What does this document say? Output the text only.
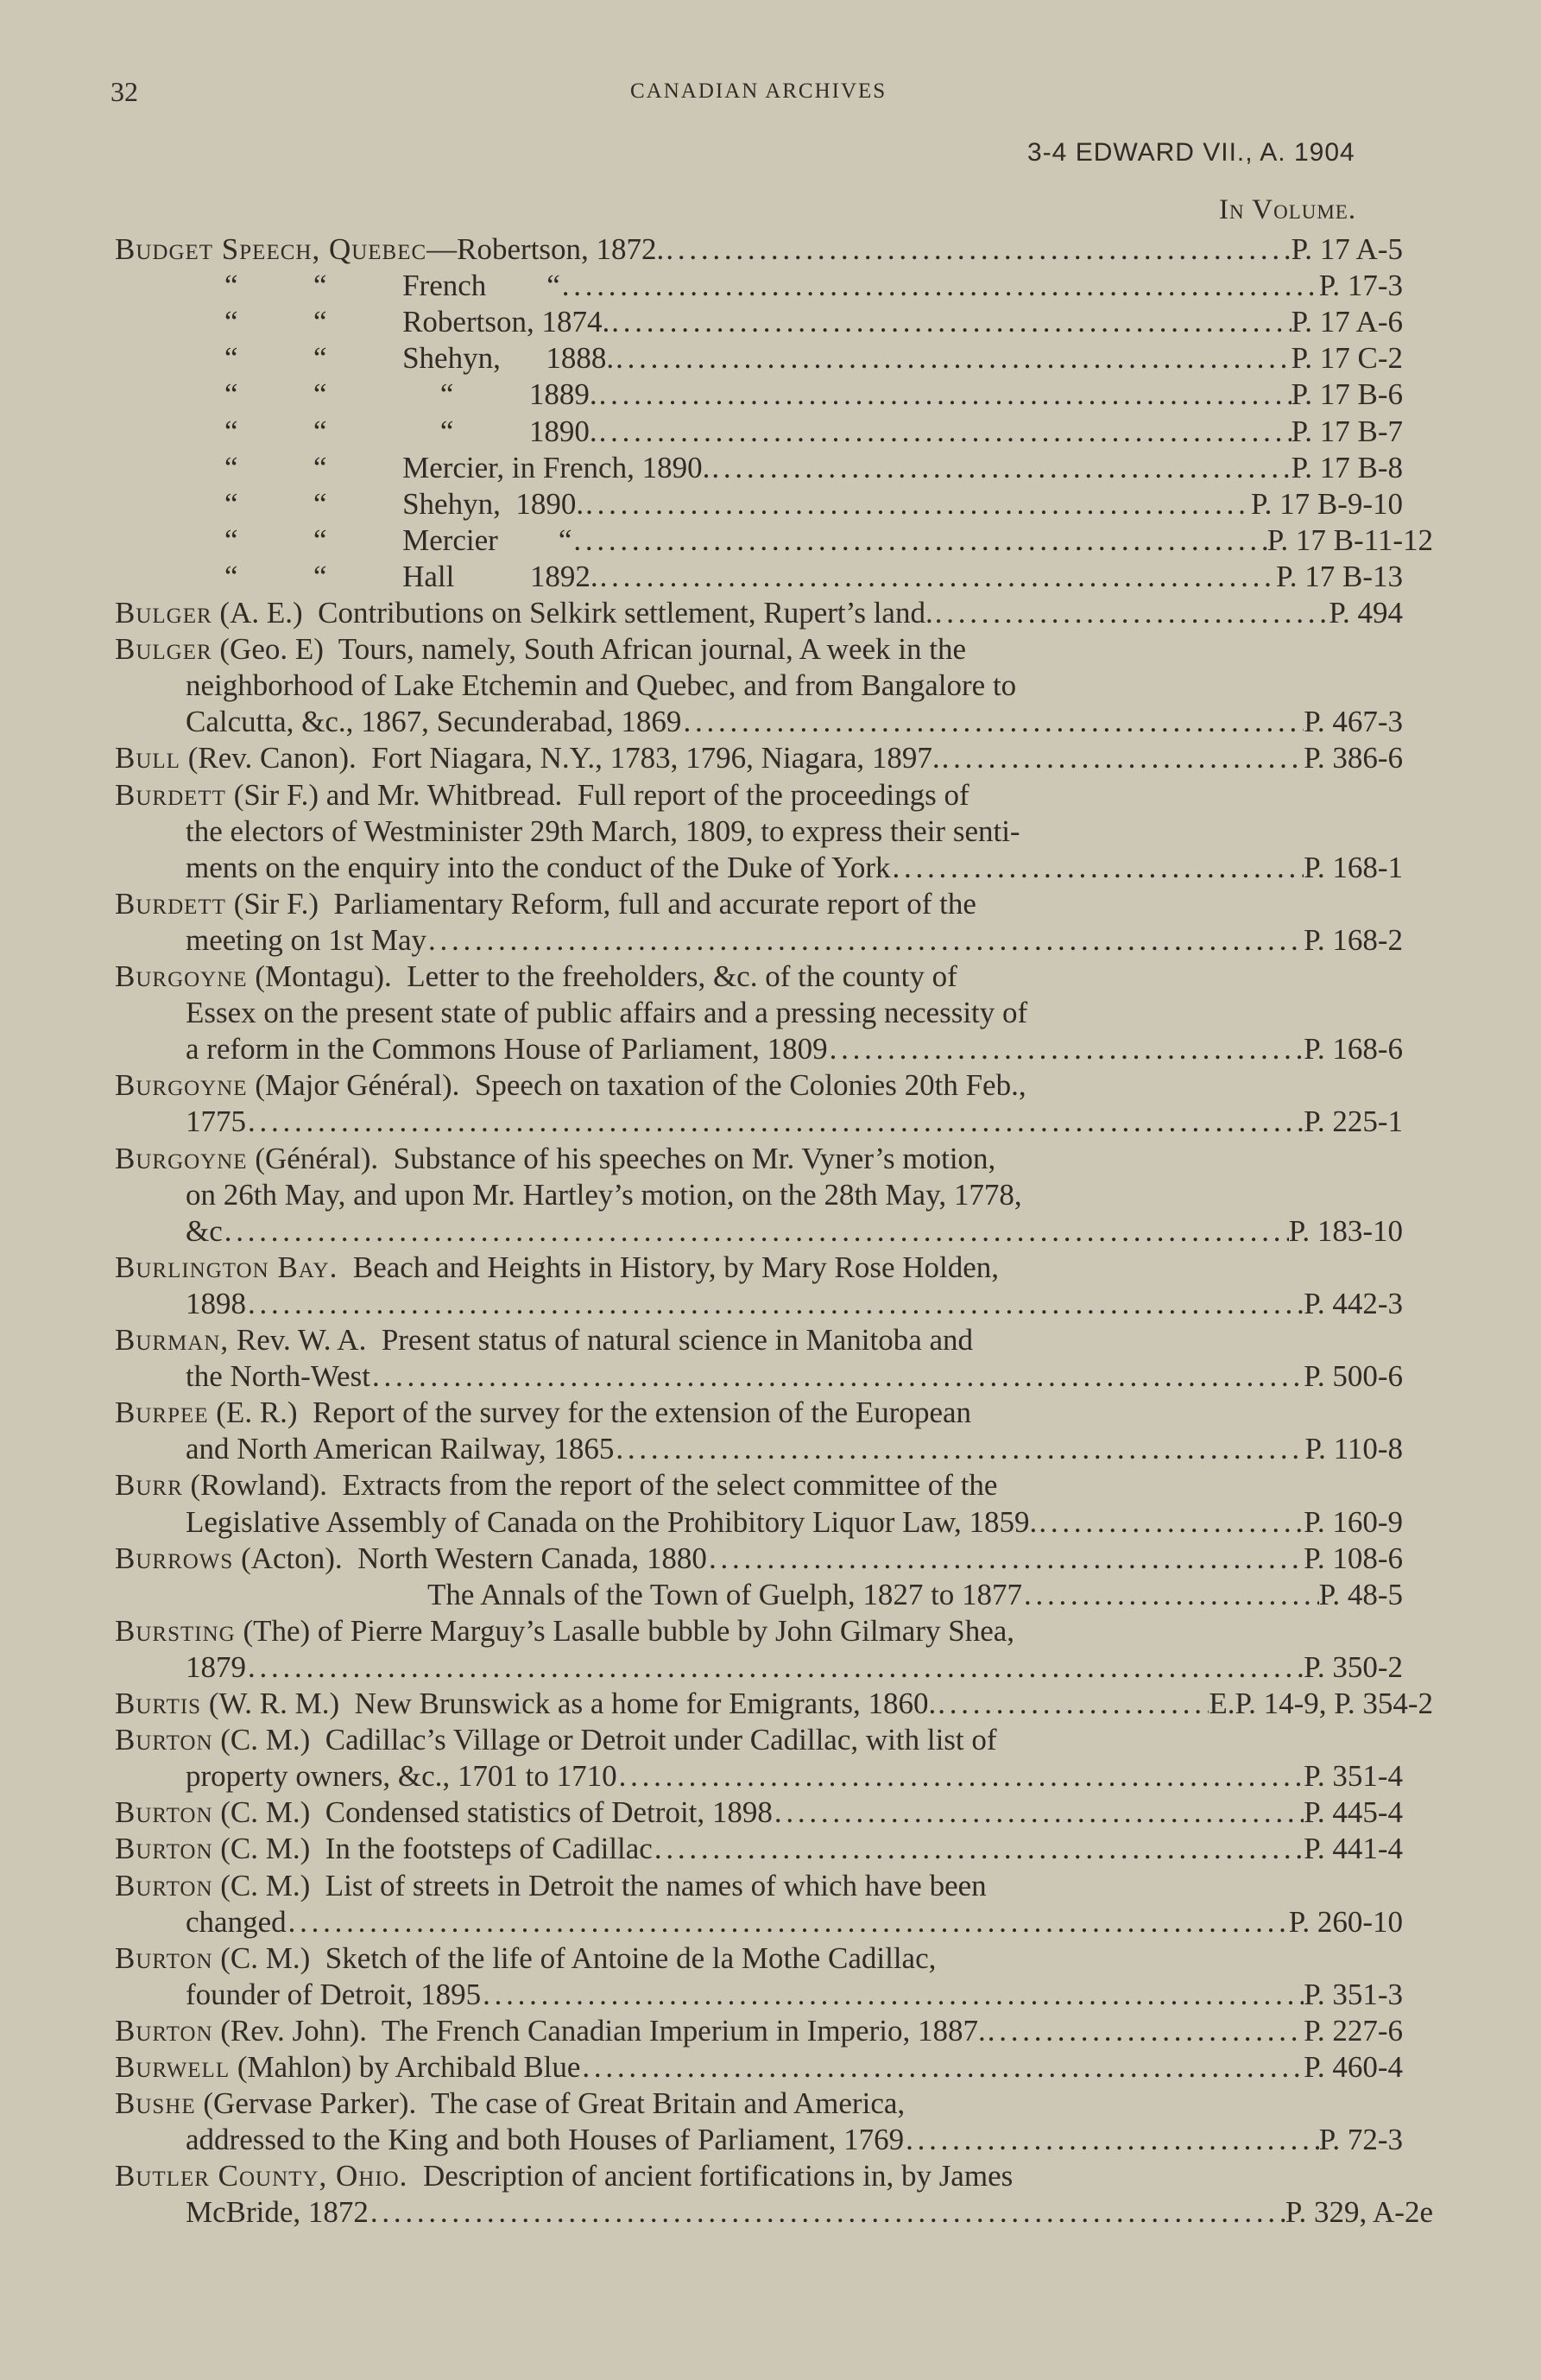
32	CANADIAN ARCHIVES
3-4 EDWARD VII., A. 1904
In Volume.
Budget Speech, Quebec —Robertson, 1872. . . .	P. 17 A-5
“          “          French        “ . . .	P. 17-3
“          “          Robertson, 1874. . . .	P. 17 A-6
“          “          Shehyn,      1888. . . .	P. 17 C-2
“          “               “          1889. . . .	P. 17 B-6
“          “               “          1890. . . .	P. 17 B-7
“          “          Mercier, in French, 1890. . . .	P. 17 B-8
“          “          Shehyn,  1890. . . .	P. 17 B-9-10
“          “          Mercier        “ . . .	P. 17 B-11-12
“          “          Hall          1892. . . .	P. 17 B-13
Bulger (A. E.)  Contributions on Selkirk settlement, Rupert’s land. . . .	P. 494
Bulger (Geo. E)  Tours, namely, South African journal, A week in the
neighborhood of Lake Etchemin and Quebec, and from Bangalore to
Calcutta, &c., 1867, Secunderabad, 1869 . . .	P. 467-3
Bull (Rev. Canon).  Fort Niagara, N.Y., 1783, 1796, Niagara, 1897. . . .	P. 386-6
Burdett (Sir F.) and Mr. Whitbread.  Full report of the proceedings of
the electors of Westminister 29th March, 1809, to express their senti-
ments on the enquiry into the conduct of the Duke of York . . .	P. 168-1
Burdett (Sir F.)  Parliamentary Reform, full and accurate report of the
meeting on 1st May . . .	P. 168-2
Burgoyne (Montagu).  Letter to the freeholders, &c. of the county of
Essex on the present state of public affairs and a pressing necessity of
a reform in the Commons House of Parliament, 1809 . . .	P. 168-6
Burgoyne (Major Général).  Speech on taxation of the Colonies 20th Feb.,
1775 . . .	P. 225-1
Burgoyne (Général).  Substance of his speeches on Mr. Vyner’s motion,
on 26th May, and upon Mr. Hartley’s motion, on the 28th May, 1778,
&c . . .	P. 183-10
Burlington Bay. Beach and Heights in History, by Mary Rose Holden,
1898 . . .	P. 442-3
Burman, Rev. W. A.  Present status of natural science in Manitoba and
the North-West . . .	P. 500-6
Burpee (E. R.)  Report of the survey for the extension of the European
and North American Railway, 1865 . . .	P. 110-8
Burr (Rowland).  Extracts from the report of the select committee of the
Legislative Assembly of Canada on the Prohibitory Liquor Law, 1859. . . .	P. 160-9
Burrows (Acton).  North Western Canada, 1880 . . .	P. 108-6
The Annals of the Town of Guelph, 1827 to 1877 . . .	P. 48-5
Bursting (The) of Pierre Marguy’s Lasalle bubble by John Gilmary Shea,
1879 . . .	P. 350-2
Burtis (W. R. M.)  New Brunswick as a home for Emigrants, 1860. . . .	E.P. 14-9, P. 354-2
Burton (C. M.)  Cadillac’s Village or Detroit under Cadillac, with list of
property owners, &c., 1701 to 1710 . . .	P. 351-4
Burton (C. M.)  Condensed statistics of Detroit, 1898 . . .	P. 445-4
Burton (C. M.)  In the footsteps of Cadillac . . .	P. 441-4
Burton (C. M.)  List of streets in Detroit the names of which have been
changed . . .	P. 260-10
Burton (C. M.)  Sketch of the life of Antoine de la Mothe Cadillac,
founder of Detroit, 1895 . . .	P. 351-3
Burton (Rev. John).  The French Canadian Imperium in Imperio, 1887. . . .	P. 227-6
Burwell (Mahlon) by Archibald Blue . . .	P. 460-4
Bushe (Gervase Parker).  The case of Great Britain and America,
addressed to the King and both Houses of Parliament, 1769 . . .	P. 72-3
Butler County, Ohio. Description of ancient fortifications in, by James
McBride, 1872 . . .	P. 329, A-2e
